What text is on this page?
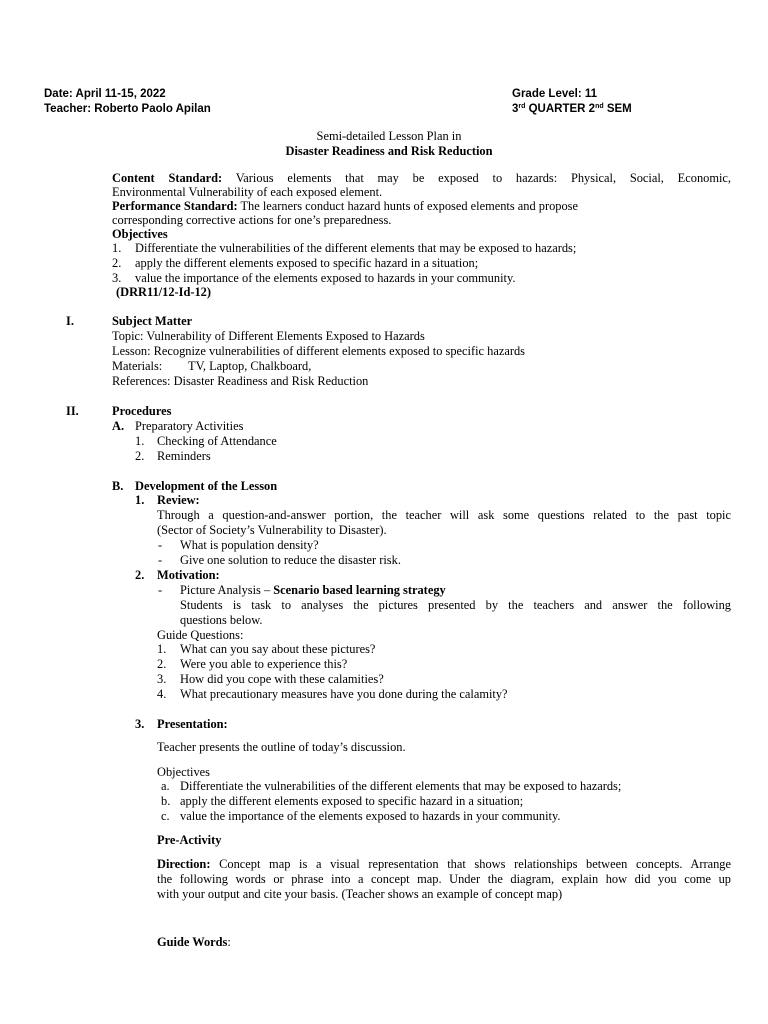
Date: April 11-15, 2022
Teacher: Roberto Paolo Apilan
Grade Level: 11
3rd QUARTER 2nd SEM
Semi-detailed Lesson Plan in
Disaster Readiness and Risk Reduction
Content Standard: Various elements that may be exposed to hazards: Physical, Social, Economic,
Environmental Vulnerability of each exposed element.
Performance Standard: The learners conduct hazard hunts of exposed elements and propose
corresponding corrective actions for one’s preparedness.
Objectives
1. Differentiate the vulnerabilities of the different elements that may be exposed to hazards;
2. apply the different elements exposed to specific hazard in a situation;
3. value the importance of the elements exposed to hazards in your community.
(DRR11/12-Id-12)
I.	Subject Matter
Topic: Vulnerability of Different Elements Exposed to Hazards
Lesson: Recognize vulnerabilities of different elements exposed to specific hazards
Materials: TV, Laptop, Chalkboard,
References: Disaster Readiness and Risk Reduction
II.	Procedures
A. Preparatory Activities
1. Checking of Attendance
2. Reminders
B. Development of the Lesson
1. Review:
Through a question-and-answer portion, the teacher will ask some questions related to the past topic
(Sector of Society’s Vulnerability to Disaster).
- What is population density?
- Give one solution to reduce the disaster risk.
2. Motivation:
- Picture Analysis – Scenario based learning strategy
Students is task to analyses the pictures presented by the teachers and answer the following
questions below.
Guide Questions:
1. What can you say about these pictures?
2. Were you able to experience this?
3. How did you cope with these calamities?
4. What precautionary measures have you done during the calamity?
3. Presentation:
Teacher presents the outline of today’s discussion.
Objectives
a. Differentiate the vulnerabilities of the different elements that may be exposed to hazards;
b. apply the different elements exposed to specific hazard in a situation;
c. value the importance of the elements exposed to hazards in your community.
Pre-Activity
Direction: Concept map is a visual representation that shows relationships between concepts. Arrange
the following words or phrase into a concept map. Under the diagram, explain how did you come up
with your output and cite your basis. (Teacher shows an example of concept map)
Guide Words:
